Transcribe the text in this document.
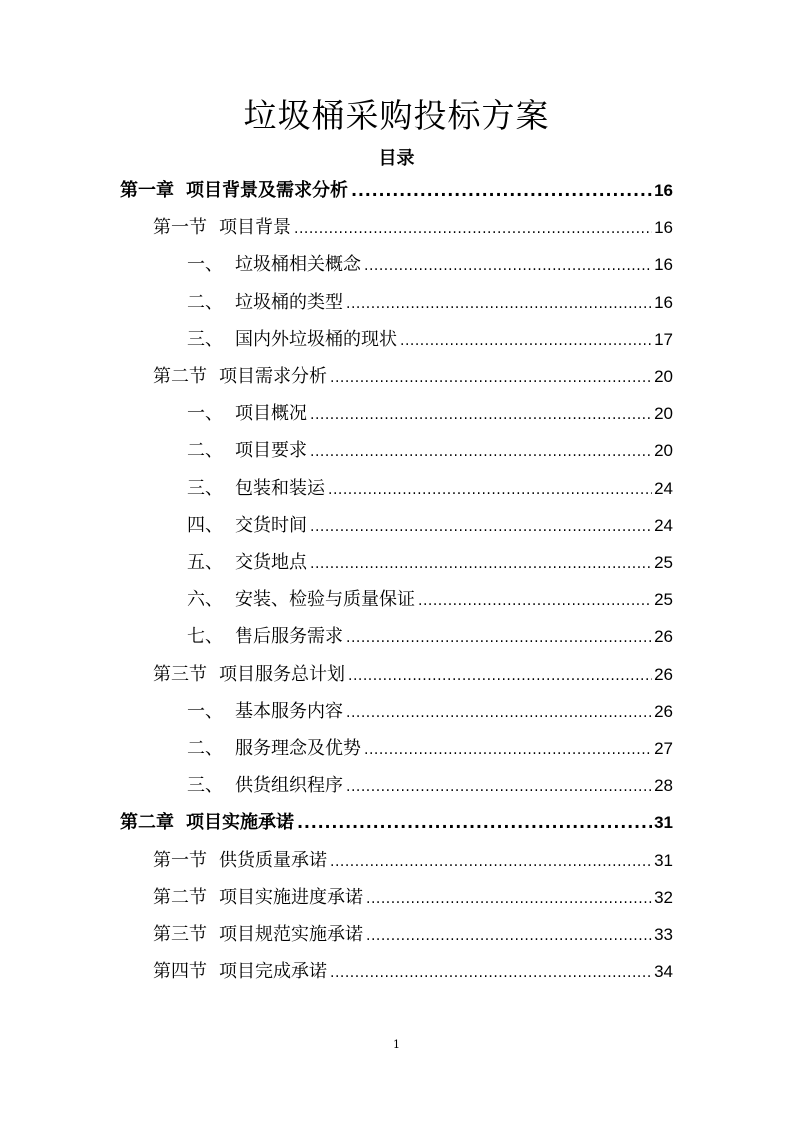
垃圾桶采购投标方案
目录
第一章 项目背景及需求分析 .....	16
第一节 项目背景 .....	16
一、 垃圾桶相关概念 .....	16
二、 垃圾桶的类型 .....	16
三、 国内外垃圾桶的现状 .....	17
第二节 项目需求分析 .....	20
一、 项目概况 .....	20
二、 项目要求 .....	20
三、 包装和装运 .....	24
四、 交货时间 .....	24
五、 交货地点 .....	25
六、 安装、检验与质量保证 .....	25
七、 售后服务需求 .....	26
第三节 项目服务总计划 .....	26
一、 基本服务内容 .....	26
二、 服务理念及优势 .....	27
三、 供货组织程序 .....	28
第二章 项目实施承诺 .....	31
第一节 供货质量承诺 .....	31
第二节 项目实施进度承诺 .....	32
第三节 项目规范实施承诺 .....	33
第四节 项目完成承诺 .....	34
1
